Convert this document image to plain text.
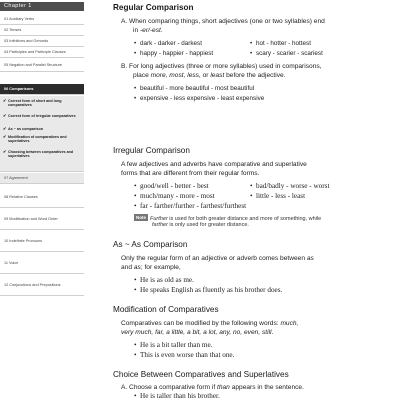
Chapter 1
01 Auxiliary Verbs
02 Tenses
03 Infinitives and Gerunds
04 Participles and Participle Clauses
05 Negation and Parallel Structure
06 Comparisons
✔ Correct form of short and long comparatives
✔ Correct form of irregular comparatives
✔ As ~ as comparison
✔ Modification of comparatives and superlatives
✔ Choosing between comparatives and superlatives
07 Agreement
08 Relative Clauses
09 Modification and Word Order
10 Indefinite Pronouns
11 Voice
12 Conjunctions and Prepositions
Regular Comparison
A. When comparing things, short adjectives (one or two syllables) end
in -er/-est.
• dark - darker - darkest
• happy - happier - happiest
• hot - hotter - hottest
• scary - scarier - scariest
B. For long adjectives (three or more syllables) used in comparisons,
place more, most, less, or least before the adjective.
• beautiful - more beautiful - most beautiful
• expensive - less expensive - least expensive
Irregular Comparison
A few adjectives and adverbs have comparative and superlative
forms that are different from their regular forms.
• good/well - better - best
• much/many - more - most
• bad/badly - worse - worst
• little - less - least
• far - farther/further - farthest/furthest
Note Further is used for both greater distance and more of something, while
farther is only used for greater distance.
As ~ As Comparison
Only the regular form of an adjective or adverb comes between as
and as; for example,
• He is as old as me.
• He speaks English as fluently as his brother does.
Modification of Comparatives
Comparatives can be modified by the following words: much,
very much, far, a little, a bit, a lot, any, no, even, still.
• He is a bit taller than me.
• This is even worse than that one.
Choice Between Comparatives and Superlatives
A. Choose a comparative form if than appears in the sentence.
• He is taller than his brother.
